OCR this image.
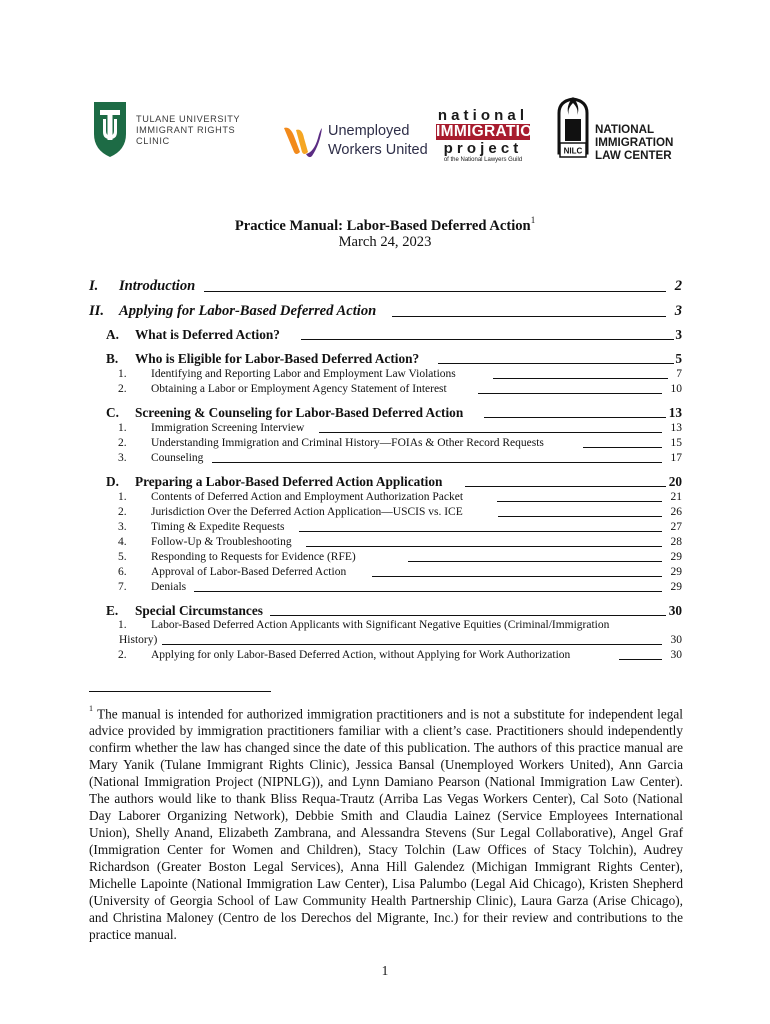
TULANE UNIVERSITY
IMMIGRANT RIGHTS CLINIC
Unemployed
Workers United
national
IMMIGRATION
project
of the National Lawyers Guild
NILC
NATIONAL
IMMIGRATION
LAW CENTER
Practice Manual: Labor-Based Deferred Action$^1$
March 24, 2023
I. Introduction	2
II. Applying for Labor-Based Deferred Action	3
A. What is Deferred Action?	3
B. Who is Eligible for Labor-Based Deferred Action?	5
1. Identifying and Reporting Labor and Employment Law Violations	7
2. Obtaining a Labor or Employment Agency Statement of Interest	10
C. Screening & Counseling for Labor-Based Deferred Action	13
1. Immigration Screening Interview	13
2. Understanding Immigration and Criminal History—FOIAs & Other Record Requests	15
3. Counseling	17
D. Preparing a Labor-Based Deferred Action Application	20
1. Contents of Deferred Action and Employment Authorization Packet	21
2. Jurisdiction Over the Deferred Action Application—USCIS vs. ICE	26
3. Timing & Expedite Requests	27
4. Follow-Up & Troubleshooting	28
5. Responding to Requests for Evidence (RFE)	29
6. Approval of Labor-Based Deferred Action	29
7. Denials	29
E. Special Circumstances	30
1. Labor-Based Deferred Action Applicants with Significant Negative Equities (Criminal/Immigration
History)	30
2. Applying for only Labor-Based Deferred Action, without Applying for Work Authorization	30
$^1$ The manual is intended for authorized immigration practitioners and is not a substitute for independent legal advice provided by immigration practitioners familiar with a client’s case. Practitioners should independently confirm whether the law has changed since the date of this publication. The authors of this practice manual are Mary Yanik (Tulane Immigrant Rights Clinic), Jessica Bansal (Unemployed Workers United), Ann Garcia (National Immigration Project (NIPNLG)), and Lynn Damiano Pearson (National Immigration Law Center). The authors would like to thank Bliss Requa-Trautz (Arriba Las Vegas Workers Center), Cal Soto (National Day Laborer Organizing Network), Debbie Smith and Claudia Lainez (Service Employees International Union), Shelly Anand, Elizabeth Zambrana, and Alessandra Stevens (Sur Legal Collaborative), Angel Graf (Immigration Center for Women and Children), Stacy Tolchin (Law Offices of Stacy Tolchin), Audrey Richardson (Greater Boston Legal Services), Anna Hill Galendez (Michigan Immigrant Rights Center), Michelle Lapointe (National Immigration Law Center), Lisa Palumbo (Legal Aid Chicago), Kristen Shepherd (University of Georgia School of Law Community Health Partnership Clinic), Laura Garza (Arise Chicago), and Christina Maloney (Centro de los Derechos del Migrante, Inc.) for their review and contributions to the practice manual.
1
